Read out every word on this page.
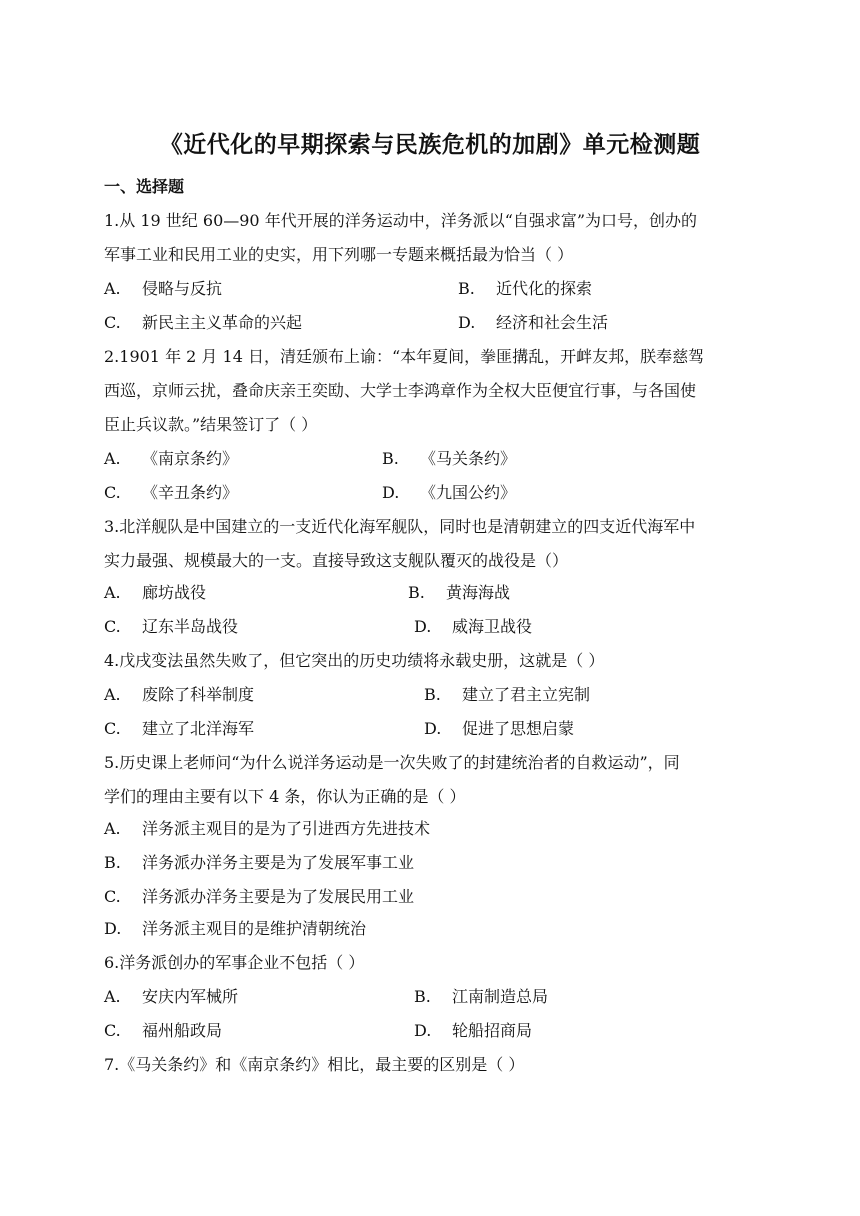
《近代化的早期探索与民族危机的加剧》单元检测题
一、选择题
1.从 19 世纪 60—90 年代开展的洋务运动中，洋务派以“自强求富”为口号，创办的
军事工业和民用工业的史实，用下列哪一专题来概括最为恰当（ ）
A. 侵略与反抗	B. 近代化的探索
C. 新民主主义革命的兴起	D. 经济和社会生活
2.1901 年 2 月 14 日，清廷颁布上谕：“本年夏间，拳匪搆乱，开衅友邦，朕奉慈驾
西巡，京师云扰，叠命庆亲王奕劻、大学士李鸿章作为全权大臣便宜行事，与各国使
臣止兵议款。”结果签订了（ ）
A. 《南京条约》	B. 《马关条约》
C. 《辛丑条约》	D. 《九国公约》
3.北洋舰队是中国建立的一支近代化海军舰队，同时也是清朝建立的四支近代海军中
实力最强、规模最大的一支。直接导致这支舰队覆灭的战役是（）
A. 廊坊战役	B. 黄海海战
C. 辽东半岛战役	D. 威海卫战役
4.戊戌变法虽然失败了，但它突出的历史功绩将永载史册，这就是（ ）
A. 废除了科举制度	B. 建立了君主立宪制
C. 建立了北洋海军	D. 促进了思想启蒙
5.历史课上老师问“为什么说洋务运动是一次失败了的封建统治者的自救运动”，同
学们的理由主要有以下 4 条，你认为正确的是（ ）
A. 洋务派主观目的是为了引进西方先进技术
B. 洋务派办洋务主要是为了发展军事工业
C. 洋务派办洋务主要是为了发展民用工业
D. 洋务派主观目的是维护清朝统治
6.洋务派创办的军事企业不包括（ ）
A. 安庆内军械所	B. 江南制造总局
C. 福州船政局	D. 轮船招商局
7.《马关条约》和《南京条约》相比，最主要的区别是（ ）
